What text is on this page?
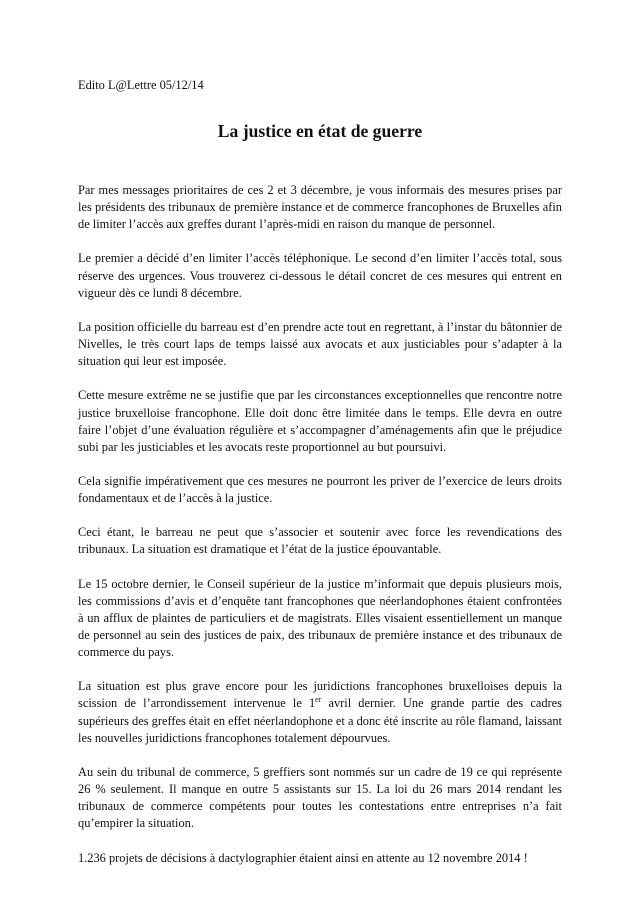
Edito L@Lettre 05/12/14

La justice en état de guerre

Par mes messages prioritaires de ces 2 et 3 décembre, je vous informais des mesures prises par les présidents des tribunaux de première instance et de commerce francophones de Bruxelles afin de limiter l’accès aux greffes durant l’après-midi en raison du manque de personnel.

Le premier a décidé d’en limiter l’accès téléphonique. Le second d’en limiter l’accès total, sous réserve des urgences. Vous trouverez ci-dessous le détail concret de ces mesures qui entrent en vigueur dès ce lundi 8 décembre.

La position officielle du barreau est d’en prendre acte tout en regrettant, à l’instar du bâtonnier de Nivelles, le très court laps de temps laissé aux avocats et aux justiciables pour s’adapter à la situation qui leur est imposée.

Cette mesure extrême ne se justifie que par les circonstances exceptionnelles que rencontre notre justice bruxelloise francophone. Elle doit donc être limitée dans le temps. Elle devra en outre faire l’objet d’une évaluation régulière et s’accompagner d’aménagements afin que le préjudice subi par les justiciables et les avocats reste proportionnel au but poursuivi.

Cela signifie impérativement que ces mesures ne pourront les priver de l’exercice de leurs droits fondamentaux et de l’accès à la justice.

Ceci étant, le barreau ne peut que s’associer et soutenir avec force les revendications des tribunaux. La situation est dramatique et l’état de la justice épouvantable.

Le 15 octobre dernier, le Conseil supérieur de la justice m’informait que depuis plusieurs mois, les commissions d’avis et d’enquête tant francophones que néerlandophones étaient confrontées à un afflux de plaintes de particuliers et de magistrats. Elles visaient essentiellement un manque de personnel au sein des justices de paix, des tribunaux de première instance et des tribunaux de commerce du pays.

La situation est plus grave encore pour les juridictions francophones bruxelloises depuis la scission de l’arrondissement intervenue le 1er avril dernier. Une grande partie des cadres supérieurs des greffes était en effet néerlandophone et a donc été inscrite au rôle flamand, laissant les nouvelles juridictions francophones totalement dépourvues.

Au sein du tribunal de commerce, 5 greffiers sont nommés sur un cadre de 19 ce qui représente 26 % seulement. Il manque en outre 5 assistants sur 15. La loi du 26 mars 2014 rendant les tribunaux de commerce compétents pour toutes les contestations entre entreprises n’a fait qu’empirer la situation.

1.236 projets de décisions à dactylographier étaient ainsi en attente au 12 novembre 2014 !
